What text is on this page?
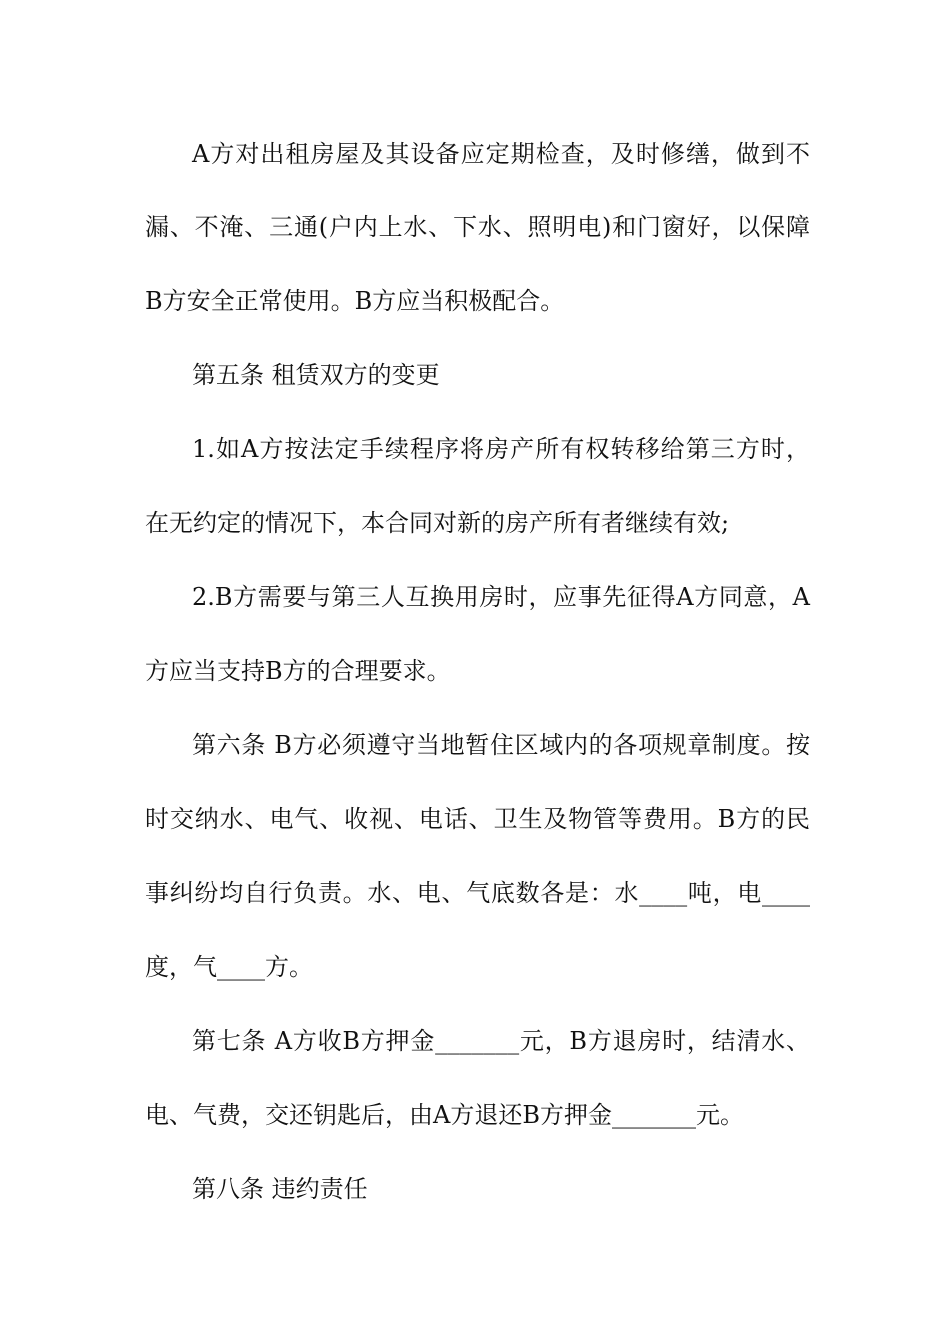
A方对出租房屋及其设备应定期检查，及时修缮，做到不

漏、不淹、三通(户内上水、下水、照明电)和门窗好，以保障

B方安全正常使用。B方应当积极配合。

第五条 租赁双方的变更

1.如A方按法定手续程序将房产所有权转移给第三方时，

在无约定的情况下，本合同对新的房产所有者继续有效;

2.B方需要与第三人互换用房时，应事先征得A方同意，A

方应当支持B方的合理要求。

第六条 B方必须遵守当地暂住区域内的各项规章制度。按

时交纳水、电气、收视、电话、卫生及物管等费用。B方的民

事纠纷均自行负责。水、电、气底数各是：水____吨，电____

度，气____方。

第七条 A方收B方押金_______元，B方退房时，结清水、

电、气费，交还钥匙后，由A方退还B方押金_______元。

第八条 违约责任
